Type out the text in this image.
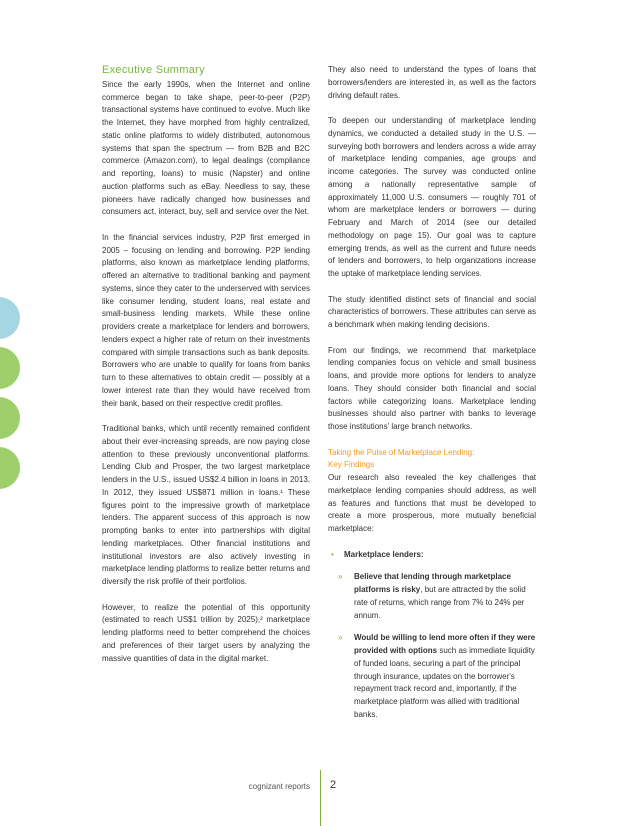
Executive Summary

Since the early 1990s, when the Internet and online commerce began to take shape, peer-to-peer (P2P) transactional systems have continued to evolve. Much like the Internet, they have morphed from highly centralized, static online platforms to widely distributed, autonomous systems that span the spectrum — from B2B and B2C commerce (Amazon.com), to legal dealings (compliance and reporting, loans) to music (Napster) and online auction platforms such as eBay. Needless to say, these pioneers have radically changed how businesses and consumers act, interact, buy, sell and service over the Net.

In the financial services industry, P2P first emerged in 2005 – focusing on lending and borrowing. P2P lending platforms, also known as marketplace lending platforms, offered an alternative to traditional banking and payment systems, since they cater to the underserved with services like consumer lending, student loans, real estate and small-business lending markets. While these online providers create a marketplace for lenders and borrowers, lenders expect a higher rate of return on their investments compared with simple transactions such as bank deposits. Borrowers who are unable to qualify for loans from banks turn to these alternatives to obtain credit — possibly at a lower interest rate than they would have received from their bank, based on their respective credit profiles.

Traditional banks, which until recently remained confident about their ever-increasing spreads, are now paying close attention to these previously unconventional platforms. Lending Club and Prosper, the two largest marketplace lenders in the U.S., issued US$2.4 billion in loans in 2013. In 2012, they issued US$871 million in loans.¹ These figures point to the impressive growth of marketplace lenders. The apparent success of this approach is now prompting banks to enter into partnerships with digital lending marketplaces. Other financial institutions and institutional investors are also actively investing in marketplace lending platforms to realize better returns and diversify the risk profile of their portfolios.

However, to realize the potential of this opportunity (estimated to reach US$1 trillion by 2025),² marketplace lending platforms need to better comprehend the choices and preferences of their target users by analyzing the massive quantities of data in the digital market.

They also need to understand the types of loans that borrowers/lenders are interested in, as well as the factors driving default rates.

To deepen our understanding of marketplace lending dynamics, we conducted a detailed study in the U.S. — surveying both borrowers and lenders across a wide array of marketplace lending companies, age groups and income categories. The survey was conducted online among a nationally representative sample of approximately 11,000 U.S. consumers — roughly 701 of whom are marketplace lenders or borrowers — during February and March of 2014 (see our detailed methodology on page 15). Our goal was to capture emerging trends, as well as the current and future needs of lenders and borrowers, to help organizations increase the uptake of marketplace lending services.

The study identified distinct sets of financial and social characteristics of borrowers. These attributes can serve as a benchmark when making lending decisions.

From our findings, we recommend that marketplace lending companies focus on vehicle and small business loans, and provide more options for lenders to analyze loans. They should consider both financial and social factors while categorizing loans. Marketplace lending businesses should also partner with banks to leverage those institutions' large branch networks.

Taking the Pulse of Marketplace Lending:
Key Findings

Our research also revealed the key challenges that marketplace lending companies should address, as well as features and functions that must be developed to create a more prosperous, more mutually beneficial marketplace:

• Marketplace lenders:
» Believe that lending through marketplace platforms is risky, but are attracted by the solid rate of returns, which range from 7% to 24% per annum.
» Would be willing to lend more often if they were provided with options such as immediate liquidity of funded loans, securing a part of the principal through insurance, updates on the borrower's repayment track record and, importantly, if the marketplace platform was allied with traditional banks.
cognizant reports 2
